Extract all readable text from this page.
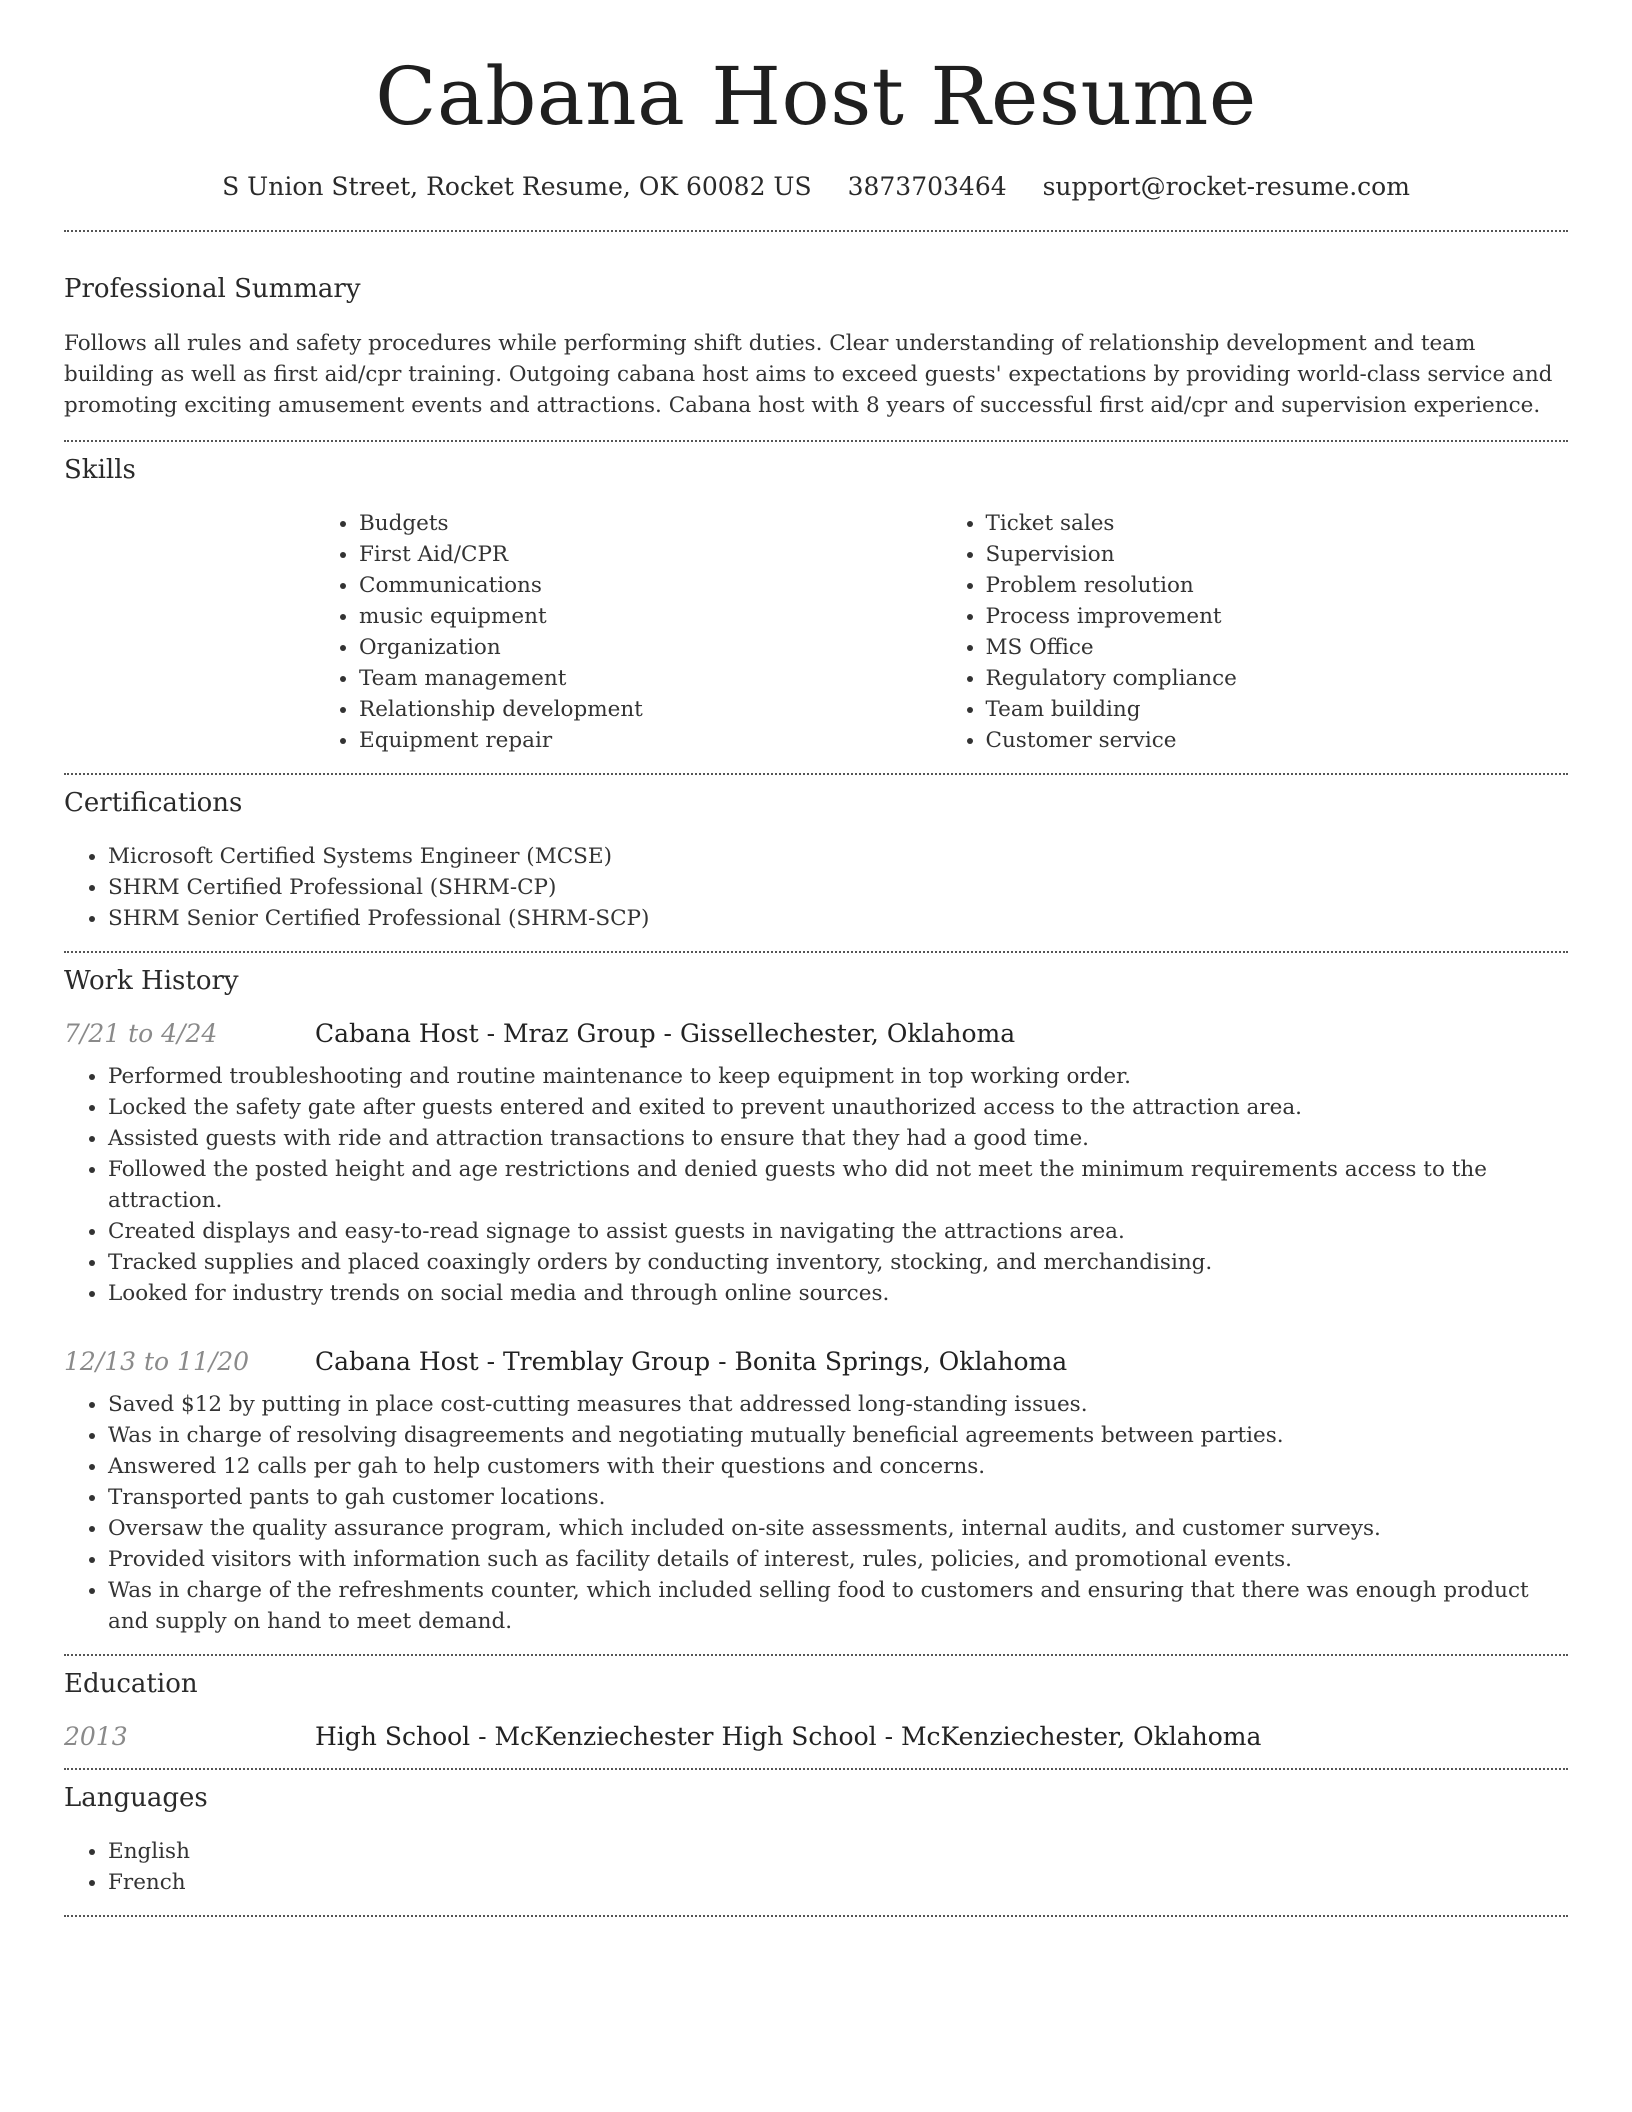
Cabana Host Resume
S Union Street, Rocket Resume, OK 60082 US 3873703464 support@rocket-resume.com
Professional Summary

Follows all rules and safety procedures while performing shift duties. Clear understanding of relationship development and team building as well as first aid/cpr training. Outgoing cabana host aims to exceed guests' expectations by providing world-class service and promoting exciting amusement events and attractions. Cabana host with 8 years of successful first aid/cpr and supervision experience.

Skills
• Budgets
• First Aid/CPR
• Communications
• music equipment
• Organization
• Team management
• Relationship development
• Equipment repair
• Ticket sales
• Supervision
• Problem resolution
• Process improvement
• MS Office
• Regulatory compliance
• Team building
• Customer service
Certifications
• Microsoft Certified Systems Engineer (MCSE)
• SHRM Certified Professional (SHRM-CP)
• SHRM Senior Certified Professional (SHRM-SCP)
Work History
7/21 to 4/24	Cabana Host - Mraz Group - Gissellechester, Oklahoma
• Performed troubleshooting and routine maintenance to keep equipment in top working order.
• Locked the safety gate after guests entered and exited to prevent unauthorized access to the attraction area.
• Assisted guests with ride and attraction transactions to ensure that they had a good time.
• Followed the posted height and age restrictions and denied guests who did not meet the minimum requirements access to the attraction.
• Created displays and easy-to-read signage to assist guests in navigating the attractions area.
• Tracked supplies and placed coaxingly orders by conducting inventory, stocking, and merchandising.
• Looked for industry trends on social media and through online sources.
12/13 to 11/20	Cabana Host - Tremblay Group - Bonita Springs, Oklahoma
• Saved $12 by putting in place cost-cutting measures that addressed long-standing issues.
• Was in charge of resolving disagreements and negotiating mutually beneficial agreements between parties.
• Answered 12 calls per gah to help customers with their questions and concerns.
• Transported pants to gah customer locations.
• Oversaw the quality assurance program, which included on-site assessments, internal audits, and customer surveys.
• Provided visitors with information such as facility details of interest, rules, policies, and promotional events.
• Was in charge of the refreshments counter, which included selling food to customers and ensuring that there was enough product and supply on hand to meet demand.
Education
2013	High School - McKenziechester High School - McKenziechester, Oklahoma
Languages
• English
• French
